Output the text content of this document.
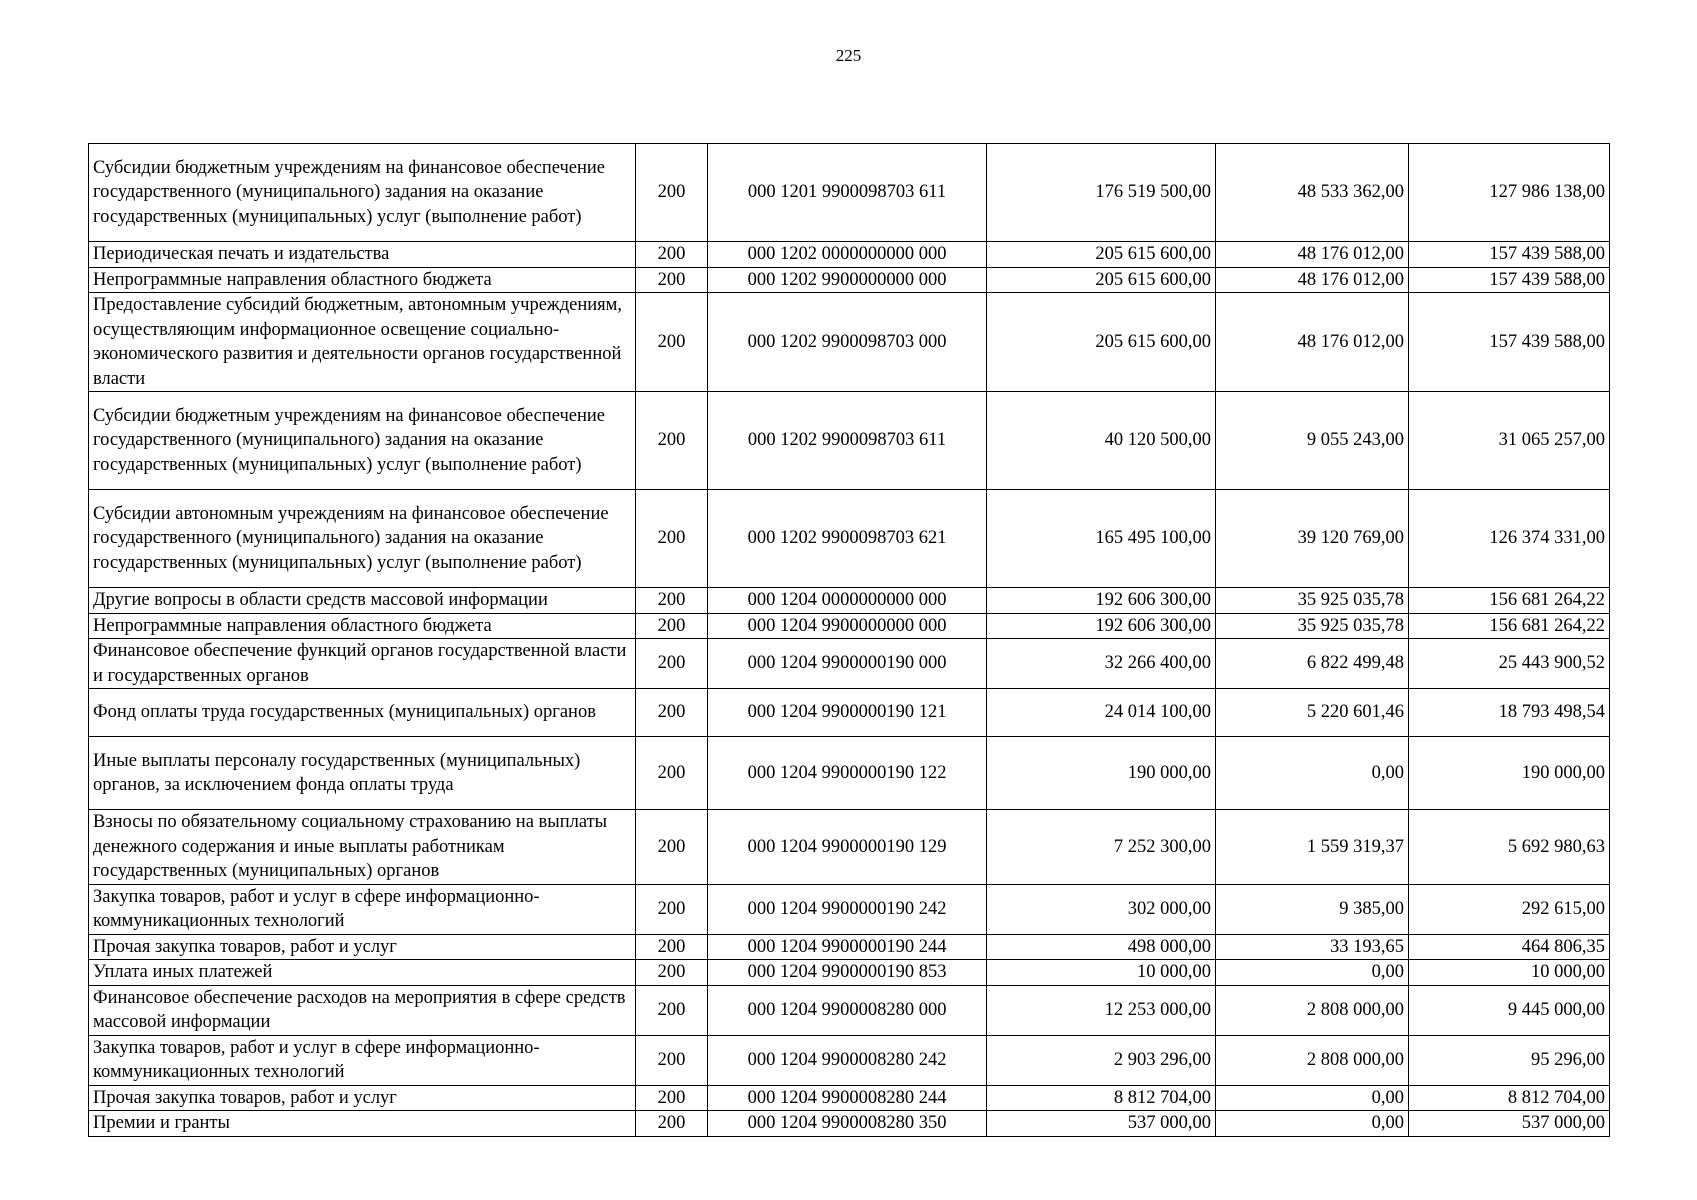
225
Субсидии бюджетным учреждениям на финансовое обеспечение государственного (муниципального) задания на оказание государственных (муниципальных) услуг (выполнение работ)	200	000 1201 9900098703 611	176 519 500,00	48 533 362,00	127 986 138,00
Периодическая печать и издательства	200	000 1202 0000000000 000	205 615 600,00	48 176 012,00	157 439 588,00
Непрограммные направления областного бюджета	200	000 1202 9900000000 000	205 615 600,00	48 176 012,00	157 439 588,00
Предоставление субсидий бюджетным, автономным учреждениям, осуществляющим информационное освещение социально-экономического развития и деятельности органов государственной власти	200	000 1202 9900098703 000	205 615 600,00	48 176 012,00	157 439 588,00
Субсидии бюджетным учреждениям на финансовое обеспечение государственного (муниципального) задания на оказание государственных (муниципальных) услуг (выполнение работ)	200	000 1202 9900098703 611	40 120 500,00	9 055 243,00	31 065 257,00
Субсидии автономным учреждениям на финансовое обеспечение государственного (муниципального) задания на оказание государственных (муниципальных) услуг (выполнение работ)	200	000 1202 9900098703 621	165 495 100,00	39 120 769,00	126 374 331,00
Другие вопросы в области средств массовой информации	200	000 1204 0000000000 000	192 606 300,00	35 925 035,78	156 681 264,22
Непрограммные направления областного бюджета	200	000 1204 9900000000 000	192 606 300,00	35 925 035,78	156 681 264,22
Финансовое обеспечение функций органов государственной власти и государственных органов	200	000 1204 9900000190 000	32 266 400,00	6 822 499,48	25 443 900,52
Фонд оплаты труда государственных (муниципальных) органов	200	000 1204 9900000190 121	24 014 100,00	5 220 601,46	18 793 498,54
Иные выплаты персоналу государственных (муниципальных) органов, за исключением фонда оплаты труда	200	000 1204 9900000190 122	190 000,00	0,00	190 000,00
Взносы по обязательному социальному страхованию на выплаты денежного содержания и иные выплаты работникам государственных (муниципальных) органов	200	000 1204 9900000190 129	7 252 300,00	1 559 319,37	5 692 980,63
Закупка товаров, работ и услуг в сфере информационно-коммуникационных технологий	200	000 1204 9900000190 242	302 000,00	9 385,00	292 615,00
Прочая закупка товаров, работ и услуг	200	000 1204 9900000190 244	498 000,00	33 193,65	464 806,35
Уплата иных платежей	200	000 1204 9900000190 853	10 000,00	0,00	10 000,00
Финансовое обеспечение расходов на мероприятия в сфере средств массовой информации	200	000 1204 9900008280 000	12 253 000,00	2 808 000,00	9 445 000,00
Закупка товаров, работ и услуг в сфере информационно-коммуникационных технологий	200	000 1204 9900008280 242	2 903 296,00	2 808 000,00	95 296,00
Прочая закупка товаров, работ и услуг	200	000 1204 9900008280 244	8 812 704,00	0,00	8 812 704,00
Премии и гранты	200	000 1204 9900008280 350	537 000,00	0,00	537 000,00
